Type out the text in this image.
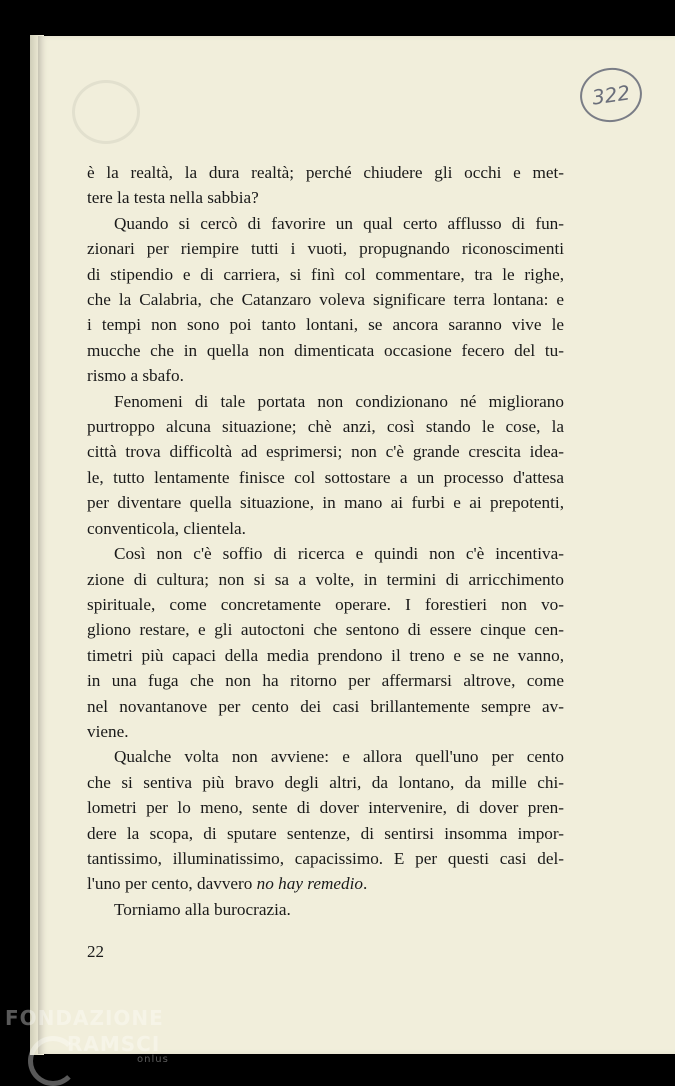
322
è la realtà, la dura realtà; perché chiudere gli occhi e met-
tere la testa nella sabbia?
Quando si cercò di favorire un qual certo afflusso di fun-
zionari per riempire tutti i vuoti, propugnando riconoscimenti
di stipendio e di carriera, si finì col commentare, tra le righe,
che la Calabria, che Catanzaro voleva significare terra lontana: e
i tempi non sono poi tanto lontani, se ancora saranno vive le
mucche che in quella non dimenticata occasione fecero del tu-
rismo a sbafo.
Fenomeni di tale portata non condizionano né migliorano
purtroppo alcuna situazione; chè anzi, così stando le cose, la
città trova difficoltà ad esprimersi; non c'è grande crescita idea-
le, tutto lentamente finisce col sottostare a un processo d'attesa
per diventare quella situazione, in mano ai furbi e ai prepotenti,
conventicola, clientela.
Così non c'è soffio di ricerca e quindi non c'è incentiva-
zione di cultura; non si sa a volte, in termini di arricchimento
spirituale, come concretamente operare. I forestieri non vo-
gliono restare, e gli autoctoni che sentono di essere cinque cen-
timetri più capaci della media prendono il treno e se ne vanno,
in una fuga che non ha ritorno per affermarsi altrove, come
nel novantanove per cento dei casi brillantemente sempre av-
viene.
Qualche volta non avviene: e allora quell'uno per cento
che si sentiva più bravo degli altri, da lontano, da mille chi-
lometri per lo meno, sente di dover intervenire, di dover pren-
dere la scopa, di sputare sentenze, di sentirsi insomma impor-
tantissimo, illuminatissimo, capacissimo. E per questi casi del-
l'uno per cento, davvero no hay remedio.
Torniamo alla burocrazia.
22
FONDAZIONE
RAMSCI
onlus
